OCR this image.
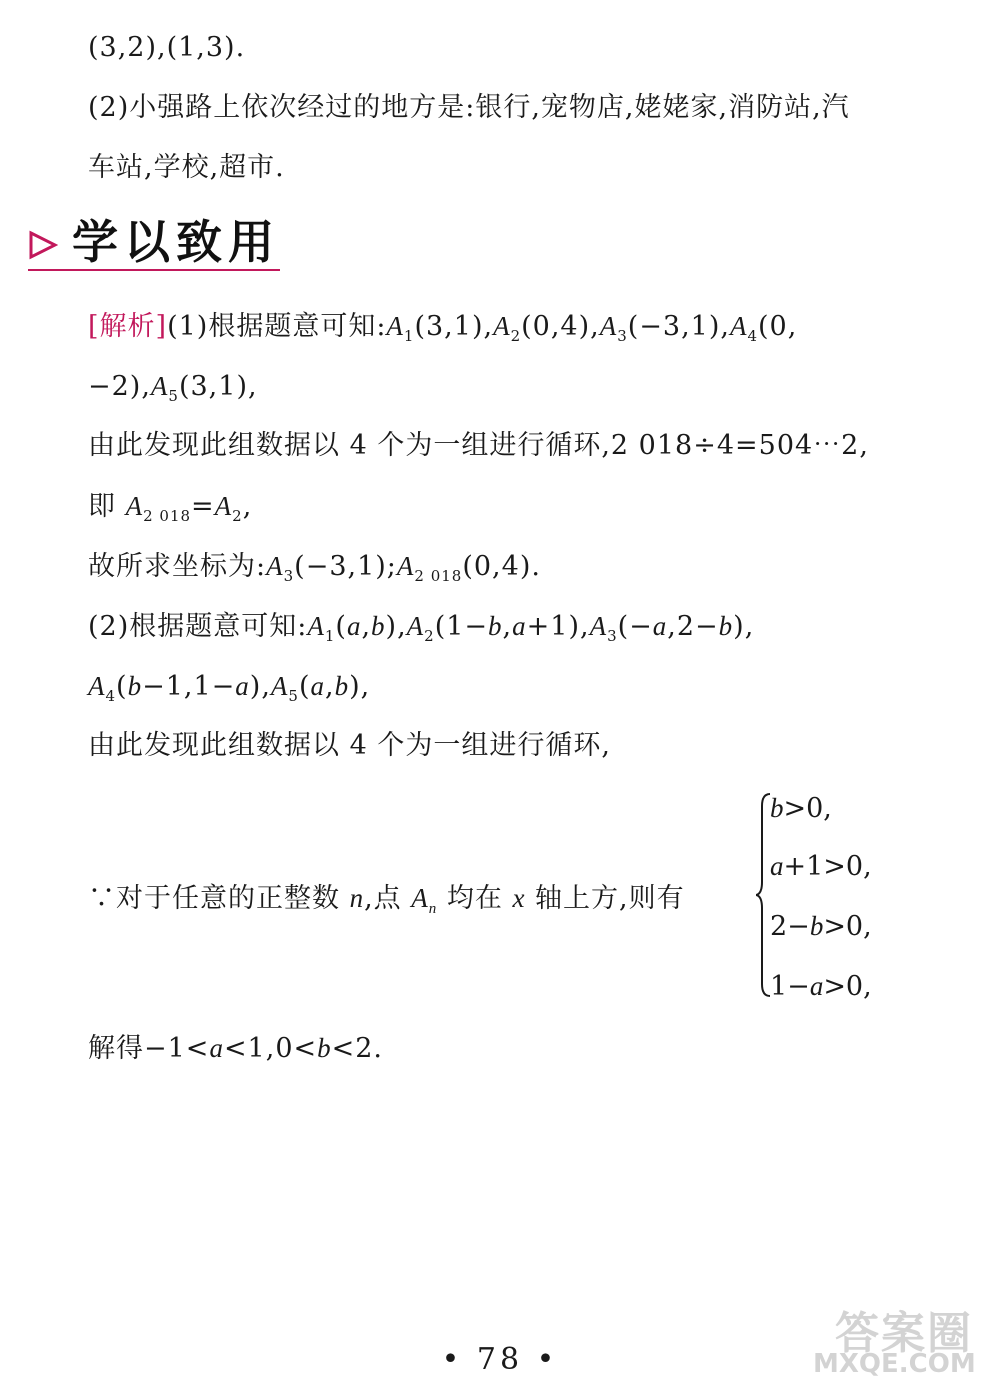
(3,2),(1,3).
(2)小强路上依次经过的地方是:银行,宠物店,姥姥家,消防站,汽
车站,学校,超市.
学以致用
[解析](1)根据题意可知$:A_1(3,1),A_2(0,4),A_3(-3,1),A_4(0$,
$-2),A_5(3,1)$,
由此发现此组数据以 4 个为一组进行循环,2 018÷4=504⋯2,
即 $A_{2 018}=A_2$,
故所求坐标为$:A_3(-3,1);A_{2 018}(0,4)$.
(2)根据题意可知$:A_1(a,b),A_2(1-b,a+1),A_3(-a,2-b)$,
$A_4(b-1,1-a),A_5(a,b)$,
由此发现此组数据以 4 个为一组进行循环,
∵对于任意的正整数 n,点 $A_n$ 均在 x 轴上方,则有
b>0,
a+1>0,
2−b>0,
1−a>0,
解得−1<a<1,0<b<2.
• 78 •
答案圈
MXQE.COM
